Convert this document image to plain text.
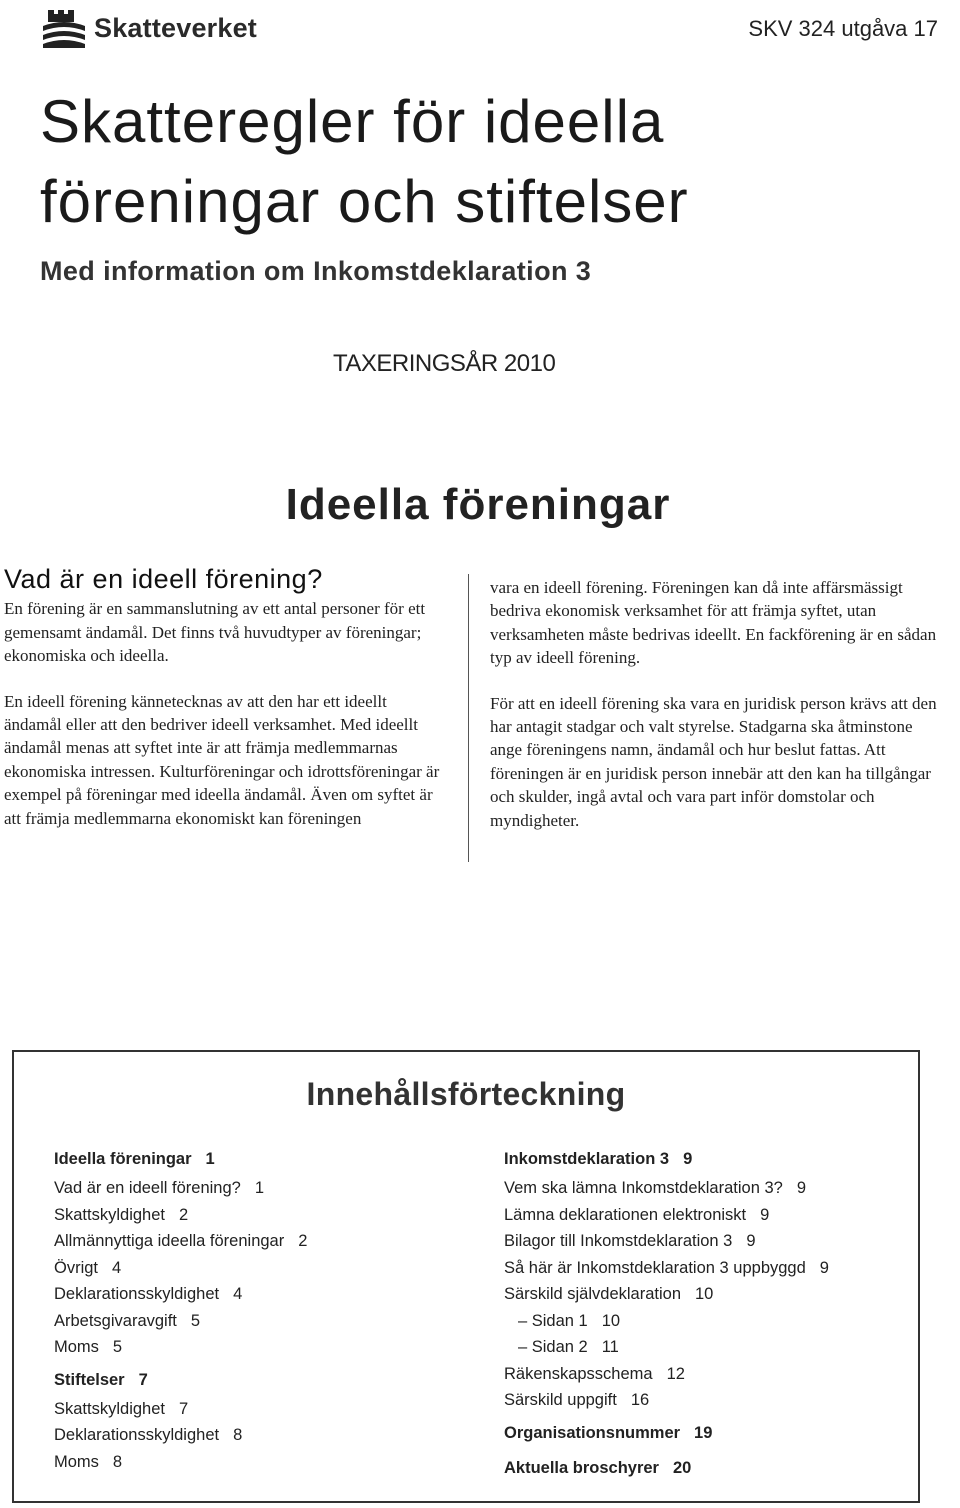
Skatteverket	SKV 324 utgåva 17
Skatteregler för ideella
föreningar och stiftelser
Med information om Inkomstdeklaration 3
TAXERINGSÅR 2010
Ideella föreningar
Vad är en ideell förening?

En förening är en sammanslutning av ett antal personer för ett gemensamt ändamål. Det finns två huvudtyper av föreningar; ekonomiska och ideella.

En ideell förening kännetecknas av att den har ett ideellt ändamål eller att den bedriver ideell verksamhet. Med ideellt ändamål menas att syftet inte är att främja medlemmarnas ekonomiska intressen. Kulturföreningar och idrottsföreningar är exempel på föreningar med ideella ändamål. Även om syftet är att främja medlemmarna ekonomiskt kan föreningen

vara en ideell förening. Föreningen kan då inte affärsmässigt bedriva ekonomisk verksamhet för att främja syftet, utan verksamheten måste bedrivas ideellt. En fackförening är en sådan typ av ideell förening.

För att en ideell förening ska vara en juridisk person krävs att den har antagit stadgar och valt styrelse. Stadgarna ska åtminstone ange föreningens namn, ändamål och hur beslut fattas. Att föreningen är en juridisk person innebär att den kan ha tillgångar och skulder, ingå avtal och vara part inför domstolar och myndigheter.

Innehållsförteckning
Ideella föreningar 1
Vad är en ideell förening? 1
Skattskyldighet 2
Allmännyttiga ideella föreningar 2
Övrigt 4
Deklarationsskyldighet 4
Arbetsgivaravgift 5
Moms 5
Stiftelser 7
Skattskyldighet 7
Deklarationsskyldighet 8
Moms 8
Inkomstdeklaration 3 9
Vem ska lämna Inkomstdeklaration 3? 9
Lämna deklarationen elektroniskt 9
Bilagor till Inkomstdeklaration 3 9
Så här är Inkomstdeklaration 3 uppbyggd 9
Särskild självdeklaration 10
– Sidan 1 10
– Sidan 2 11
Räkenskapsschema 12
Särskild uppgift 16
Organisationsnummer 19
Aktuella broschyrer 20
